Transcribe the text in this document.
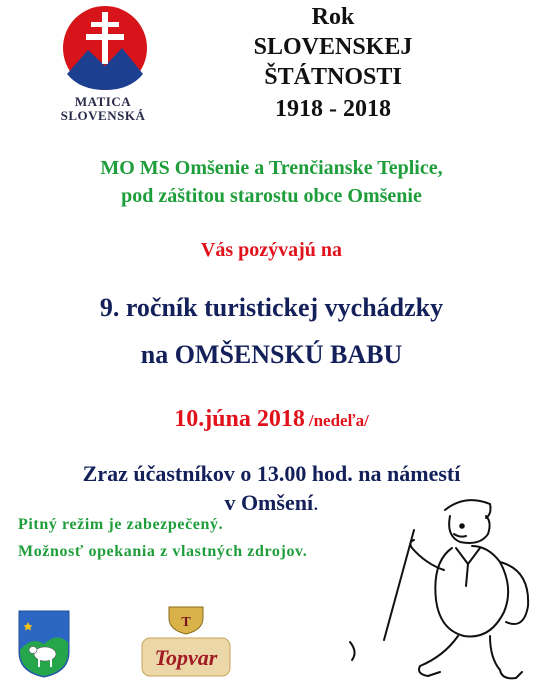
MATICA
SLOVENSKÁ
Rok
SLOVENSKEJ
ŠTÁTNOSTI
1918 - 2018
MO MS Omšenie a Trenčianske Teplice,
pod záštitou starostu obce Omšenie
Vás pozývajú na
9. ročník turistickej vychádzky
na OMŠENSKÚ BABU
10.júna 2018 /nedeľa/
Zraz účastníkov o 13.00 hod. na námestí
v Omšení.
Pitný režim je zabezpečený.
Možnosť opekania z vlastných zdrojov.
T
Topvar
